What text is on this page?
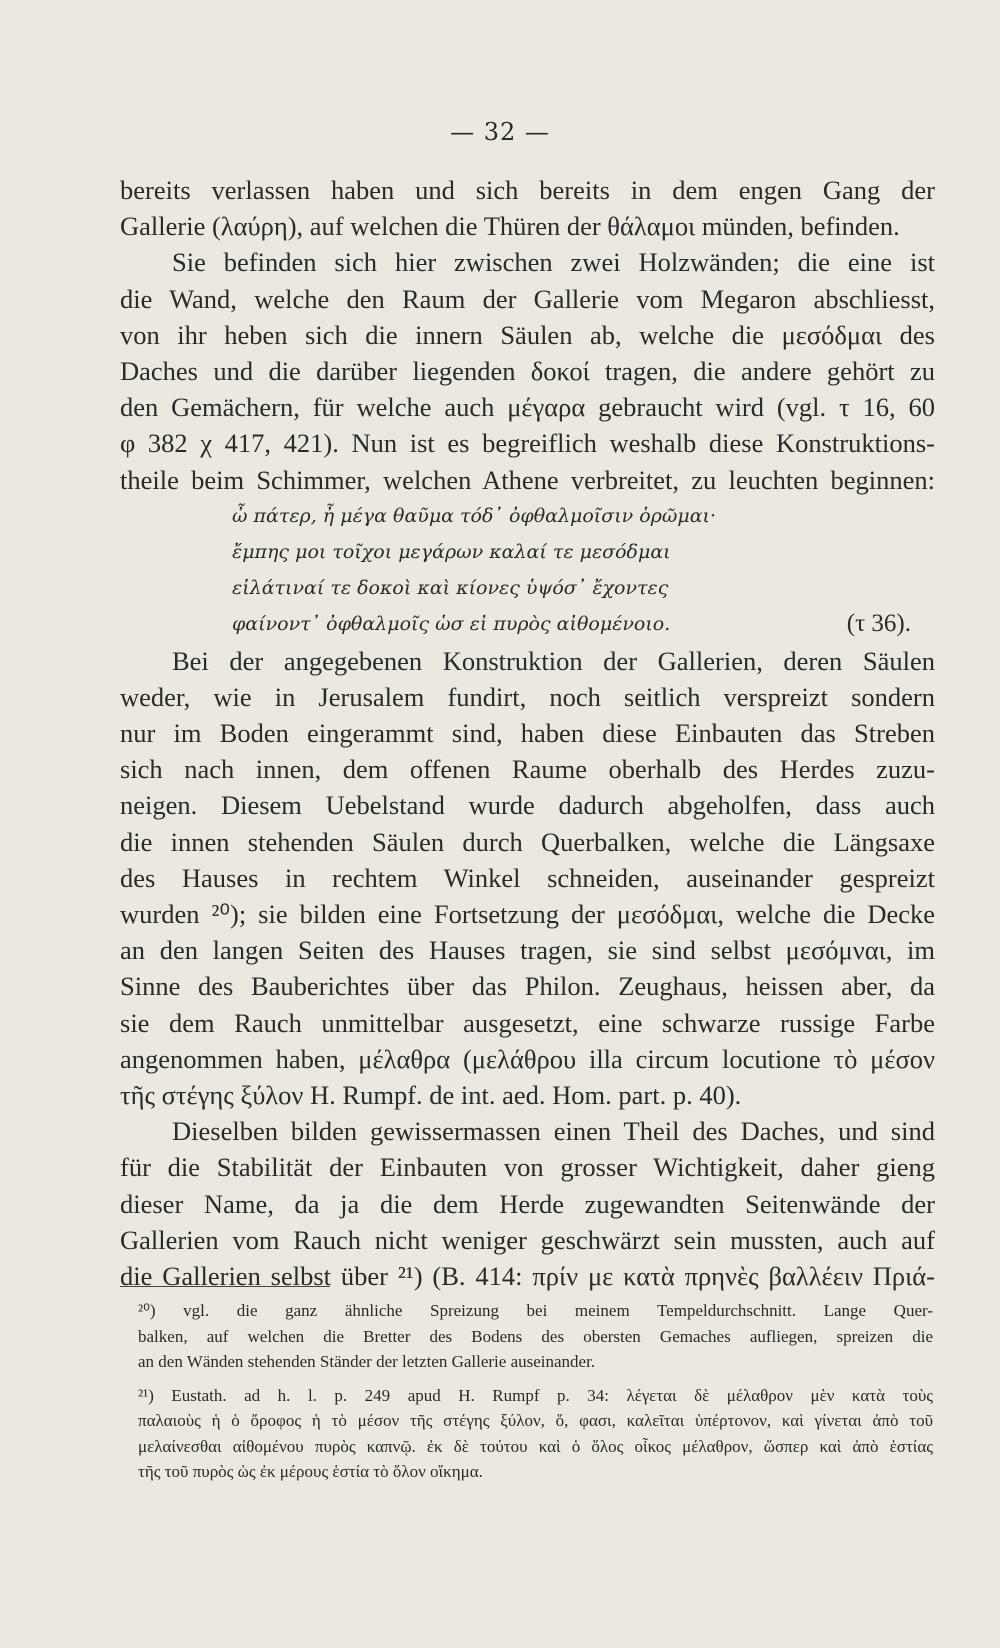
— 32 —
bereits verlassen haben und sich bereits in dem engen Gang der
Gallerie (λαύρη), auf welchen die Thüren der θάλαμοι münden, befinden.
Sie befinden sich hier zwischen zwei Holzwänden; die eine ist
die Wand, welche den Raum der Gallerie vom Megaron abschliesst,
von ihr heben sich die innern Säulen ab, welche die μεσόδμαι des
Daches und die darüber liegenden δοκοί tragen, die andere gehört zu
den Gemächern, für welche auch μέγαρα gebraucht wird (vgl. τ 16, 60
φ 382 χ 417, 421). Nun ist es begreiflich weshalb diese Konstruktions-
theile beim Schimmer, welchen Athene verbreitet, zu leuchten beginnen:
ὦ πάτερ, ἦ μέγα θαῦμα τόδ᾽ ὀφθαλμοῖσιν ὁρῶμαι·
ἔμπης μοι τοῖχοι μεγάρων καλαί τε μεσόδμαι
εἰλάτιναί τε δοκοὶ καὶ κίονες ὑψόσ᾽ ἔχοντες
φαίνοντ᾽ ὀφθαλμοῖς ὡσ εἰ πυρὸς αἰθομένοιο.	(τ 36).
Bei der angegebenen Konstruktion der Gallerien, deren Säulen
weder, wie in Jerusalem fundirt, noch seitlich verspreizt sondern
nur im Boden eingerammt sind, haben diese Einbauten das Streben
sich nach innen, dem offenen Raume oberhalb des Herdes zuzu-
neigen. Diesem Uebelstand wurde dadurch abgeholfen, dass auch
die innen stehenden Säulen durch Querbalken, welche die Längsaxe
des Hauses in rechtem Winkel schneiden, auseinander gespreizt
wurden ²⁰); sie bilden eine Fortsetzung der μεσόδμαι, welche die Decke
an den langen Seiten des Hauses tragen, sie sind selbst μεσόμναι, im
Sinne des Bauberichtes über das Philon. Zeughaus, heissen aber, da
sie dem Rauch unmittelbar ausgesetzt, eine schwarze russige Farbe
angenommen haben, μέλαθρα (μελάθρου illa circum locutione τὸ μέσον
τῆς στέγης ξύλον H. Rumpf. de int. aed. Hom. part. p. 40).
Dieselben bilden gewissermassen einen Theil des Daches, und sind
für die Stabilität der Einbauten von grosser Wichtigkeit, daher gieng
dieser Name, da ja die dem Herde zugewandten Seitenwände der
Gallerien vom Rauch nicht weniger geschwärzt sein mussten, auch auf
die Gallerien selbst über ²¹) (B. 414: πρίν με κατὰ πρηνὲς βαλλέειν Πριά-
²⁰) vgl. die ganz ähnliche Spreizung bei meinem Tempeldurchschnitt. Lange Quer-
balken, auf welchen die Bretter des Bodens des obersten Gemaches aufliegen, spreizen die
an den Wänden stehenden Ständer der letzten Gallerie auseinander.
²¹) Eustath. ad h. l. p. 249 apud H. Rumpf p. 34: λέγεται δὲ μέλαθρον μὲν κατὰ τοὺς
παλαιοὺς ἡ ὁ ὄροφος ἡ τὸ μέσον τῆς στέγης ξύλον, ὅ, φασι, καλεῖται ὑπέρτονον, καὶ γίνεται ἀπὸ τοῦ
μελαίνεσθαι αἰθομένου πυρὸς καπνῷ. ἐκ δὲ τούτου καὶ ὁ ὅλος οἶκος μέλαθρον, ὥσπερ καὶ ἀπὸ ἑστίας
τῆς τοῦ πυρὸς ὡς ἐκ μέρους ἑστία τὸ ὅλον οἴκημα.
